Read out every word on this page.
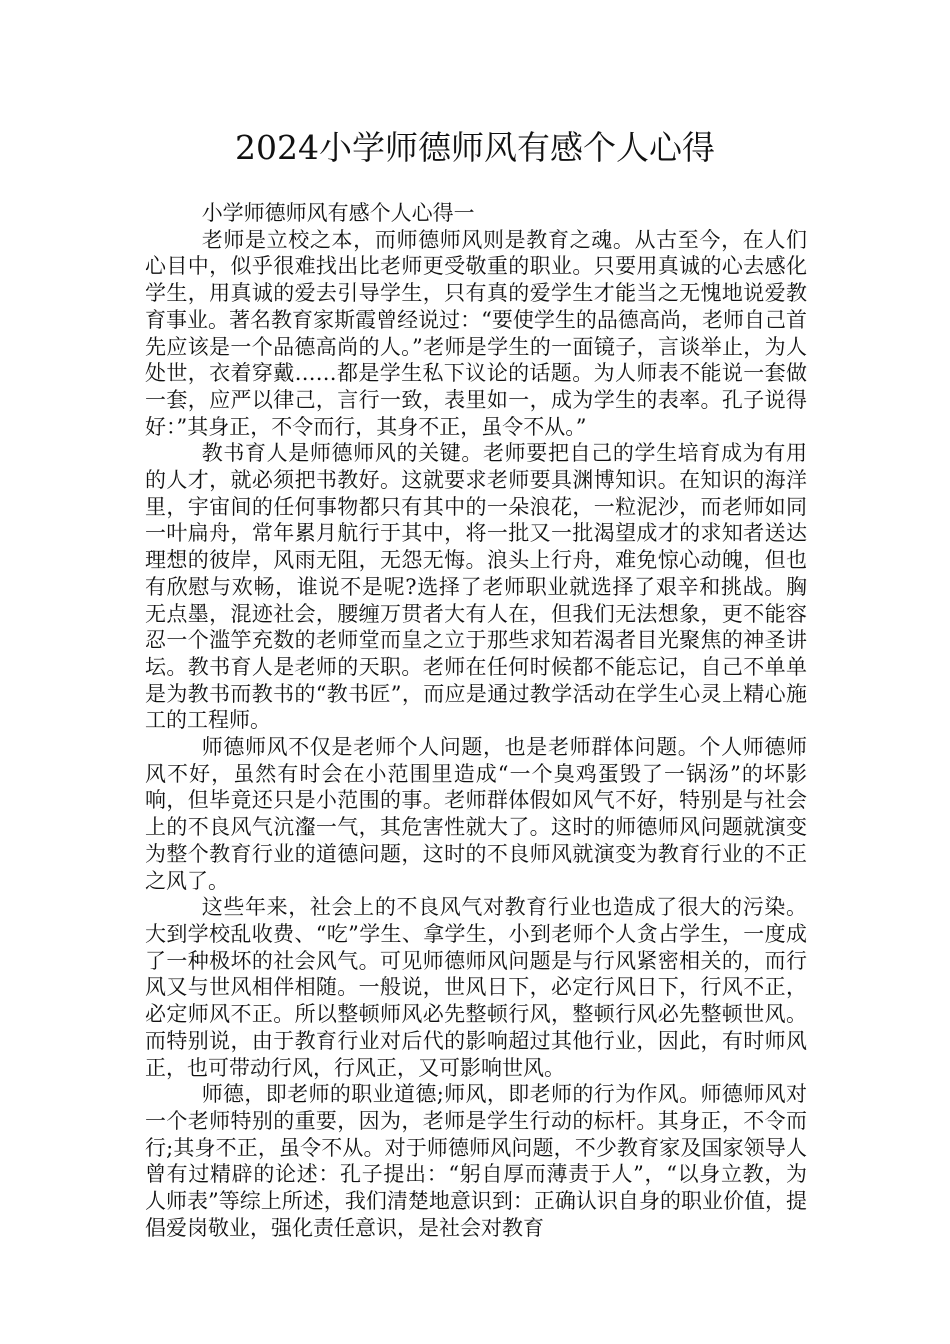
2024小学师德师风有感个人心得

小学师德师风有感个人心得一

老师是立校之本，而师德师风则是教育之魂。从古至今，在人们心目中，似乎很难找出比老师更受敬重的职业。只要用真诚的心去感化学生，用真诚的爱去引导学生，只有真的爱学生才能当之无愧地说爱教育事业。著名教育家斯霞曾经说过：“要使学生的品德高尚，老师自己首先应该是一个品德高尚的人。”老师是学生的一面镜子，言谈举止，为人处世，衣着穿戴……都是学生私下议论的话题。为人师表不能说一套做一套，应严以律己，言行一致，表里如一，成为学生的表率。孔子说得好：”其身正，不令而行，其身不正，虽令不从。”

教书育人是师德师风的关键。老师要把自己的学生培育成为有用的人才，就必须把书教好。这就要求老师要具渊博知识。在知识的海洋里，宇宙间的任何事物都只有其中的一朵浪花，一粒泥沙，而老师如同一叶扁舟，常年累月航行于其中，将一批又一批渴望成才的求知者送达理想的彼岸，风雨无阻，无怨无悔。浪头上行舟，难免惊心动魄，但也有欣慰与欢畅，谁说不是呢?选择了老师职业就选择了艰辛和挑战。胸无点墨，混迹社会，腰缠万贯者大有人在，但我们无法想象，更不能容忍一个滥竽充数的老师堂而皇之立于那些求知若渴者目光聚焦的神圣讲坛。教书育人是老师的天职。老师在任何时候都不能忘记，自己不单单是为教书而教书的“教书匠”，而应是通过教学活动在学生心灵上精心施工的工程师。

师德师风不仅是老师个人问题，也是老师群体问题。个人师德师风不好，虽然有时会在小范围里造成“一个臭鸡蛋毁了一锅汤”的坏影响，但毕竟还只是小范围的事。老师群体假如风气不好，特别是与社会上的不良风气沆瀣一气，其危害性就大了。这时的师德师风问题就演变为整个教育行业的道德问题，这时的不良师风就演变为教育行业的不正之风了。

这些年来，社会上的不良风气对教育行业也造成了很大的污染。大到学校乱收费、“吃”学生、拿学生，小到老师个人贪占学生，一度成了一种极坏的社会风气。可见师德师风问题是与行风紧密相关的，而行风又与世风相伴相随。一般说，世风日下，必定行风日下，行风不正，必定师风不正。所以整顿师风必先整顿行风，整顿行风必先整顿世风。而特别说，由于教育行业对后代的影响超过其他行业，因此，有时师风正，也可带动行风，行风正，又可影响世风。

师德，即老师的职业道德;师风，即老师的行为作风。师德师风对一个老师特别的重要，因为，老师是学生行动的标杆。其身正，不令而行;其身不正，虽令不从。对于师德师风问题，不少教育家及国家领导人曾有过精辟的论述：孔子提出：“躬自厚而薄责于人”，“以身立教，为人师表”等综上所述，我们清楚地意识到：正确认识自身的职业价值，提倡爱岗敬业，强化责任意识，是社会对教育
